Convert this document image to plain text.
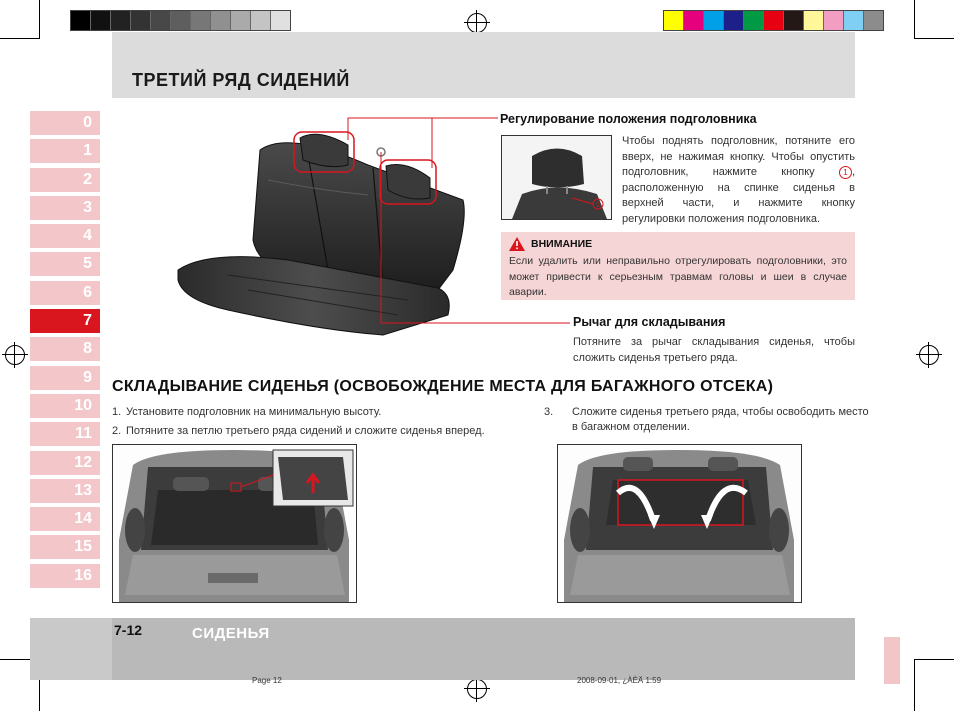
ТРЕТИЙ РЯД СИДЕНИЙ
0
1
2
3
4
5
6
7
8
9
10
11
12
13
14
15
16
Регулирование положения подголовника
1
Чтобы поднять подголовник, потяните его вверх, не нажимая кнопку. Чтобы опустить подголовник, нажмите кнопку	1 , расположенную на спинке сиденья в верхней части, и нажмите кнопку регулировки положения подголовника.
ВНИМАНИЕ
Если удалить или неправильно отрегулировать подголовники, это может привести к серьезным травмам головы и шеи в случае аварии.
Рычаг для складывания
Потяните за рычаг складывания сиденья, чтобы сложить сиденья третьего ряда.
СКЛАДЫВАНИЕ СИДЕНЬЯ (ОСВОБОЖДЕНИЕ МЕСТА ДЛЯ БАГАЖНОГО ОТСЕКА)
1. Установите подголовник на минимальную высоту.
2. Потяните за петлю третьего ряда сидений и сложите сиденья вперед.
3. Сложите сиденья третьего ряда, чтобы освободить место в багажном отделении.
7-12	СИДЕНЬЯ
Page 12	2008-09-01, ¿ÀÈÄ 1:59
